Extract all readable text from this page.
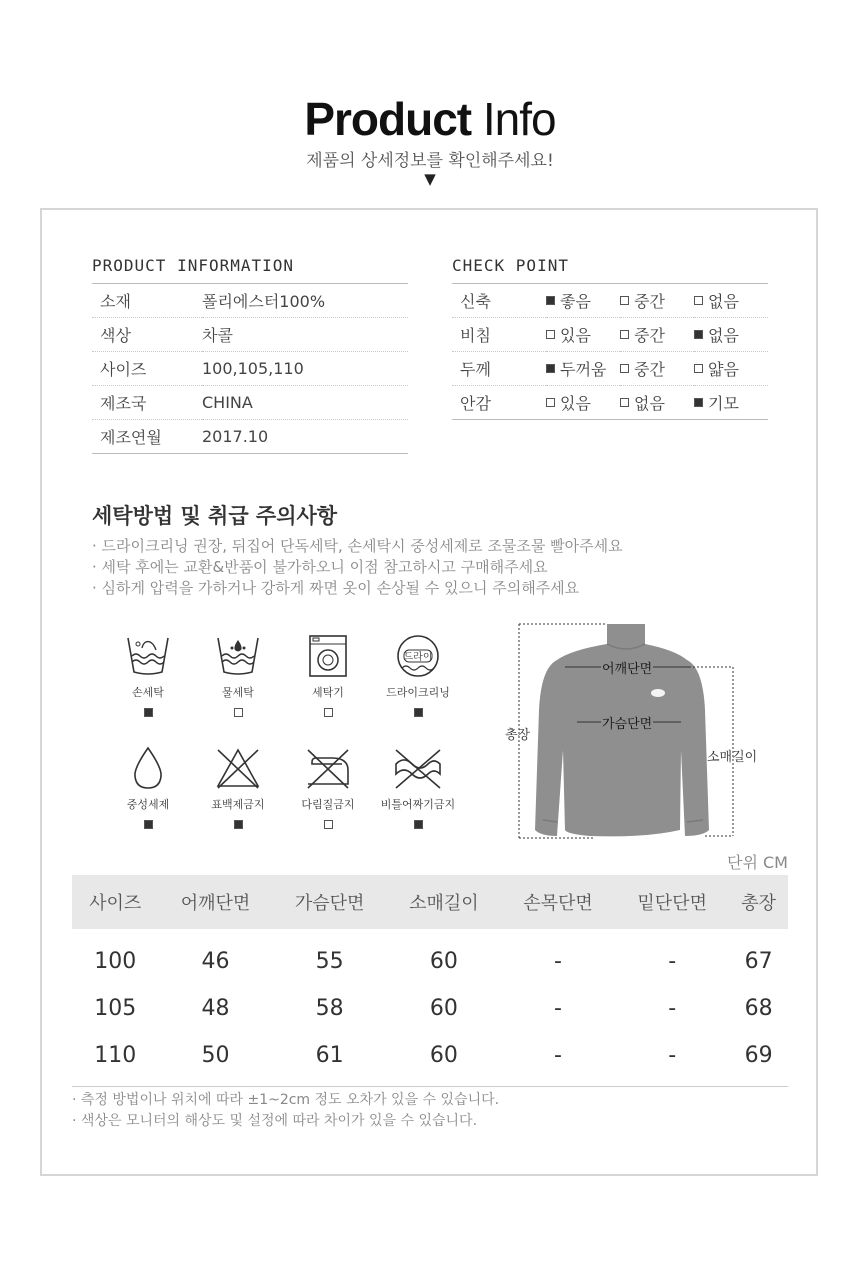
Product Info
제품의 상세정보를 확인해주세요!
▼
PRODUCT INFORMATION
소재	폴리에스터100%
색상	차콜
사이즈	100,105,110
제조국	CHINA
제조연월	2017.10
CHECK POINT
신축	좋음	중간	없음
비침	있음	중간	없음
두께	두꺼움	중간	얇음
안감	있음	없음	기모
세탁방법 및 취급 주의사항
· 드라이크리닝 권장, 뒤집어 단독세탁, 손세탁시 중성세제로 조물조물 빨아주세요
· 세탁 후에는 교환&반품이 불가하오니 이점 참고하시고 구매해주세요
· 심하게 압력을 가하거나 강하게 짜면 옷이 손상될 수 있으니 주의해주세요
손세탁	물세탁	세탁기
드라이
드라이크리닝
중성세제	표백제금지	다림질금지	비틀어짜기금지
어깨단면
가슴단면
총장
소매길이
단위 CM
사이즈	어깨단면	가슴단면	소매길이	손목단면	밑단단면	총장
100	46	55	60	-	-	67
105	48	58	60	-	-	68
110	50	61	60	-	-	69
· 측정 방법이나 위치에 따라 ±1~2cm 정도 오차가 있을 수 있습니다.
· 색상은 모니터의 해상도 및 설정에 따라 차이가 있을 수 있습니다.
